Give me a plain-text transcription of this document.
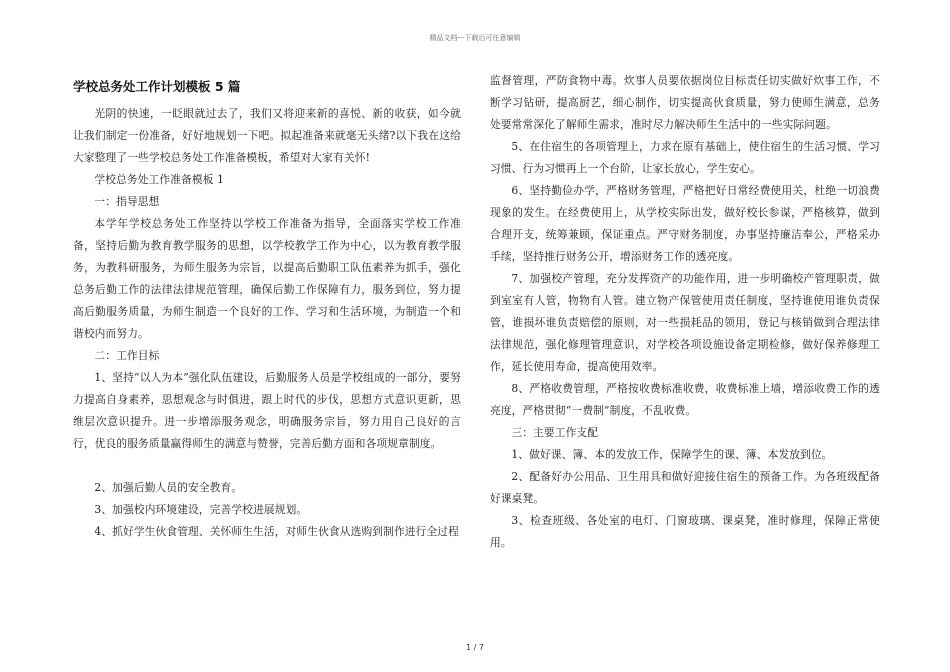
精品文档---下载后可任意编辑
学校总务处工作计划模板 5 篇

光阴的快速，一眨眼就过去了，我们又将迎来新的喜悦、新的收获，如今就让我们制定一份准备，好好地规划一下吧。拟起准备来就毫无头绪?以下我在这给大家整理了一些学校总务处工作准备模板，希望对大家有关怀!

学校总务处工作准备模板 1

一：指导思想

本学年学校总务处工作坚持以学校工作准备为指导，全面落实学校工作准备，坚持后勤为教育教学服务的思想，以学校教学工作为中心，以为教育教学服务，为教科研服务，为师生服务为宗旨，以提高后勤职工队伍素养为抓手，强化总务后勤工作的法律法律规范管理，确保后勤工作保障有力，服务到位，努力提高后勤服务质量，为师生制造一个良好的工作、学习和生活环境，为制造一个和谐校内而努力。

二：工作目标

1、坚持“以人为本”强化队伍建设，后勤服务人员是学校组成的一部分，要努力提高自身素养，思想观念与时俱进，跟上时代的步伐，思想方式意识更新，思维层次意识提升。进一步增添服务观念，明确服务宗旨，努力用自己良好的言行，优良的服务质量赢得师生的满意与赞誉，完善后勤方面和各项规章制度。

2、加强后勤人员的安全教育。

3、加强校内环境建设，完善学校进展规划。

4、抓好学生伙食管理、关怀师生生活，对师生伙食从选购到制作进行全过程

监督管理，严防食物中毒。炊事人员要依据岗位目标责任切实做好炊事工作，不断学习钻研，提高厨艺，细心制作，切实提高伙食质量，努力使师生满意，总务处要常常深化了解师生需求，准时尽力解决师生生活中的一些实际问题。

5、在住宿生的各项管理上，力求在原有基础上，使住宿生的生活习惯、学习习惯、行为习惯再上一个台阶，让家长放心，学生安心。

6、坚持勤俭办学，严格财务管理，严格把好日常经费使用关，杜绝一切浪费现象的发生。在经费使用上，从学校实际出发，做好校长参谋，严格核算，做到合理开支，统筹兼顾，保证重点。严守财务制度，办事坚持廉洁奉公，严格采办手续，坚持推行财务公开，增添财务工作的透亮度。

7、加强校产管理，充分发挥资产的功能作用，进一步明确校产管理职责，做到室室有人管，物物有人管。建立物产保管使用责任制度，坚持谁使用谁负责保管，谁损坏谁负责赔偿的原则，对一些损耗品的领用，登记与核销做到合理法律法律规范，强化修理管理意识，对学校各项设施设备定期检修，做好保养修理工作，延长使用寿命，提高使用效率。

8、严格收费管理，严格按收费标准收费，收费标准上墙，增添收费工作的透亮度，严格贯彻“一费制”制度，不乱收费。

三：主要工作支配

1、做好课、簿、本的发放工作，保障学生的课、簿、本发放到位。

2、配备好办公用品、卫生用具和做好迎接住宿生的预备工作。为各班级配备好课桌凳。

3、检查班级、各处室的电灯、门窗玻璃、课桌凳，准时修理，保障正常使用。

1 / 7
